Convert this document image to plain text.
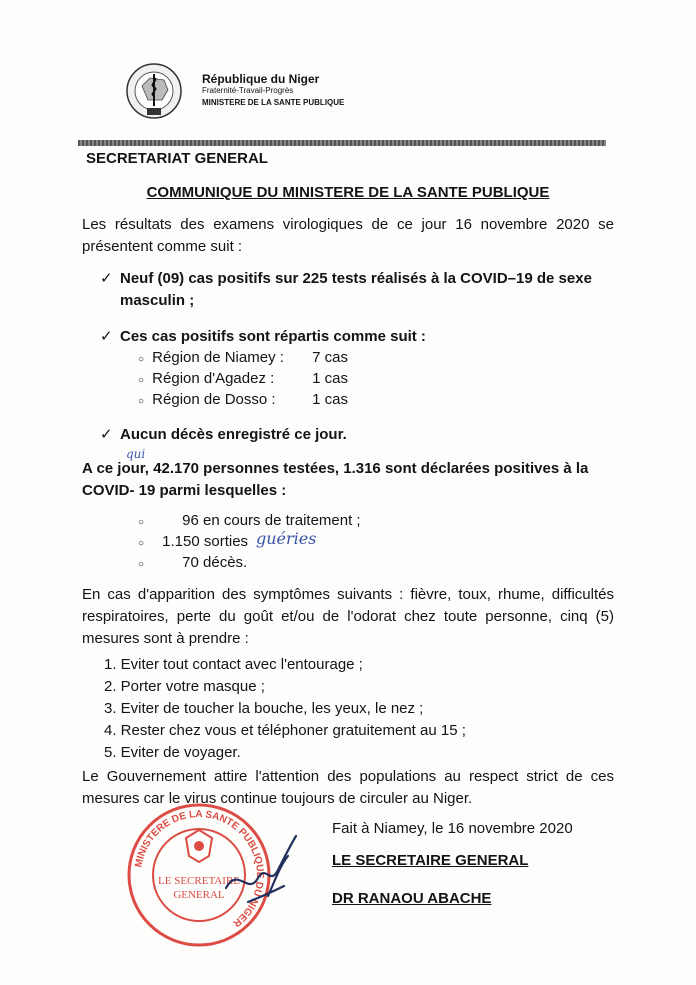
République du Niger
Fraternité-Travail-Progrès
MINISTERE DE LA SANTE PUBLIQUE
SECRETARIAT GENERAL
COMMUNIQUE DU MINISTERE DE LA SANTE PUBLIQUE
Les résultats des examens virologiques de ce jour 16 novembre 2020 se présentent comme suit :
✓ Neuf (09) cas positifs sur 225 tests réalisés à la COVID–19 de sexe
masculin ;
✓ Ces cas positifs sont répartis comme suit :
○ Région de Niamey : 7 cas
○ Région d'Agadez :	1 cas
○ Région de Dosso : 1 cas
✓ Aucun décès enregistré ce jour.
qui
A ce jour, 42.170 personnes testées, 1.316 sont déclarées positives à la
COVID- 19 parmi lesquelles :
○	96 en cours de traitement ;
○ 1.150 sorties guéries
○	70 décès.
En cas d'apparition des symptômes suivants : fièvre, toux, rhume, difficultés respiratoires, perte du goût et/ou de l'odorat chez toute personne, cinq (5) mesures sont à prendre :
1. Eviter tout contact avec l'entourage ;
2. Porter votre masque ;
3. Eviter de toucher la bouche, les yeux, le nez ;
4. Rester chez vous et téléphoner gratuitement au 15 ;
5. Eviter de voyager.
Le Gouvernement attire l'attention des populations au respect strict de ces mesures car le virus continue toujours de circuler au Niger.
Fait à Niamey, le 16 novembre 2020
LE SECRETAIRE GENERAL
DR RANAOU ABACHE
MINISTERE DE LA SANTE PUBLIQUE DU NIGER
LE SECRETAIRE
GENERAL
